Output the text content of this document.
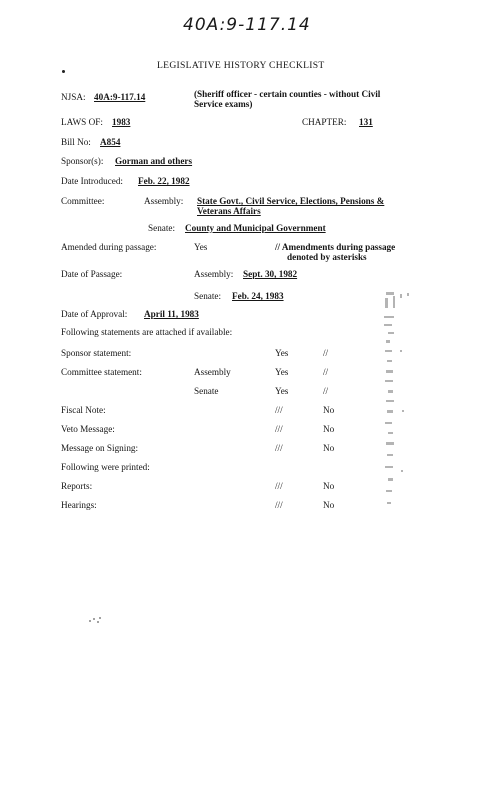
40A:9-117.14
LEGISLATIVE HISTORY CHECKLIST
NJSA: 40A:9-117.14	(Sheriff officer - certain counties - without Civil
Service exams)
LAWS OF: 1983	CHAPTER: 131
Bill No: A854
Sponsor(s): Gorman and others
Date Introduced: Feb. 22, 1982
Committee:	Assembly: State Govt., Civil Service, Elections, Pensions &
Veterans Affairs
Senate: County and Municipal Government
Amended during passage:	Yes	// Amendments during passage
denoted by asterisks
Date of Passage:	Assembly: Sept. 30, 1982
Senate: Feb. 24, 1983
Date of Approval: April 11, 1983
Following statements are attached if available:
Sponsor statement:	Yes	//
Committee statement:	Assembly	Yes	//
Senate	Yes	//
Fiscal Note:	///	No
Veto Message:	///	No
Message on Signing:	///	No
Following were printed:
Reports:	///	No
Hearings:	///	No
